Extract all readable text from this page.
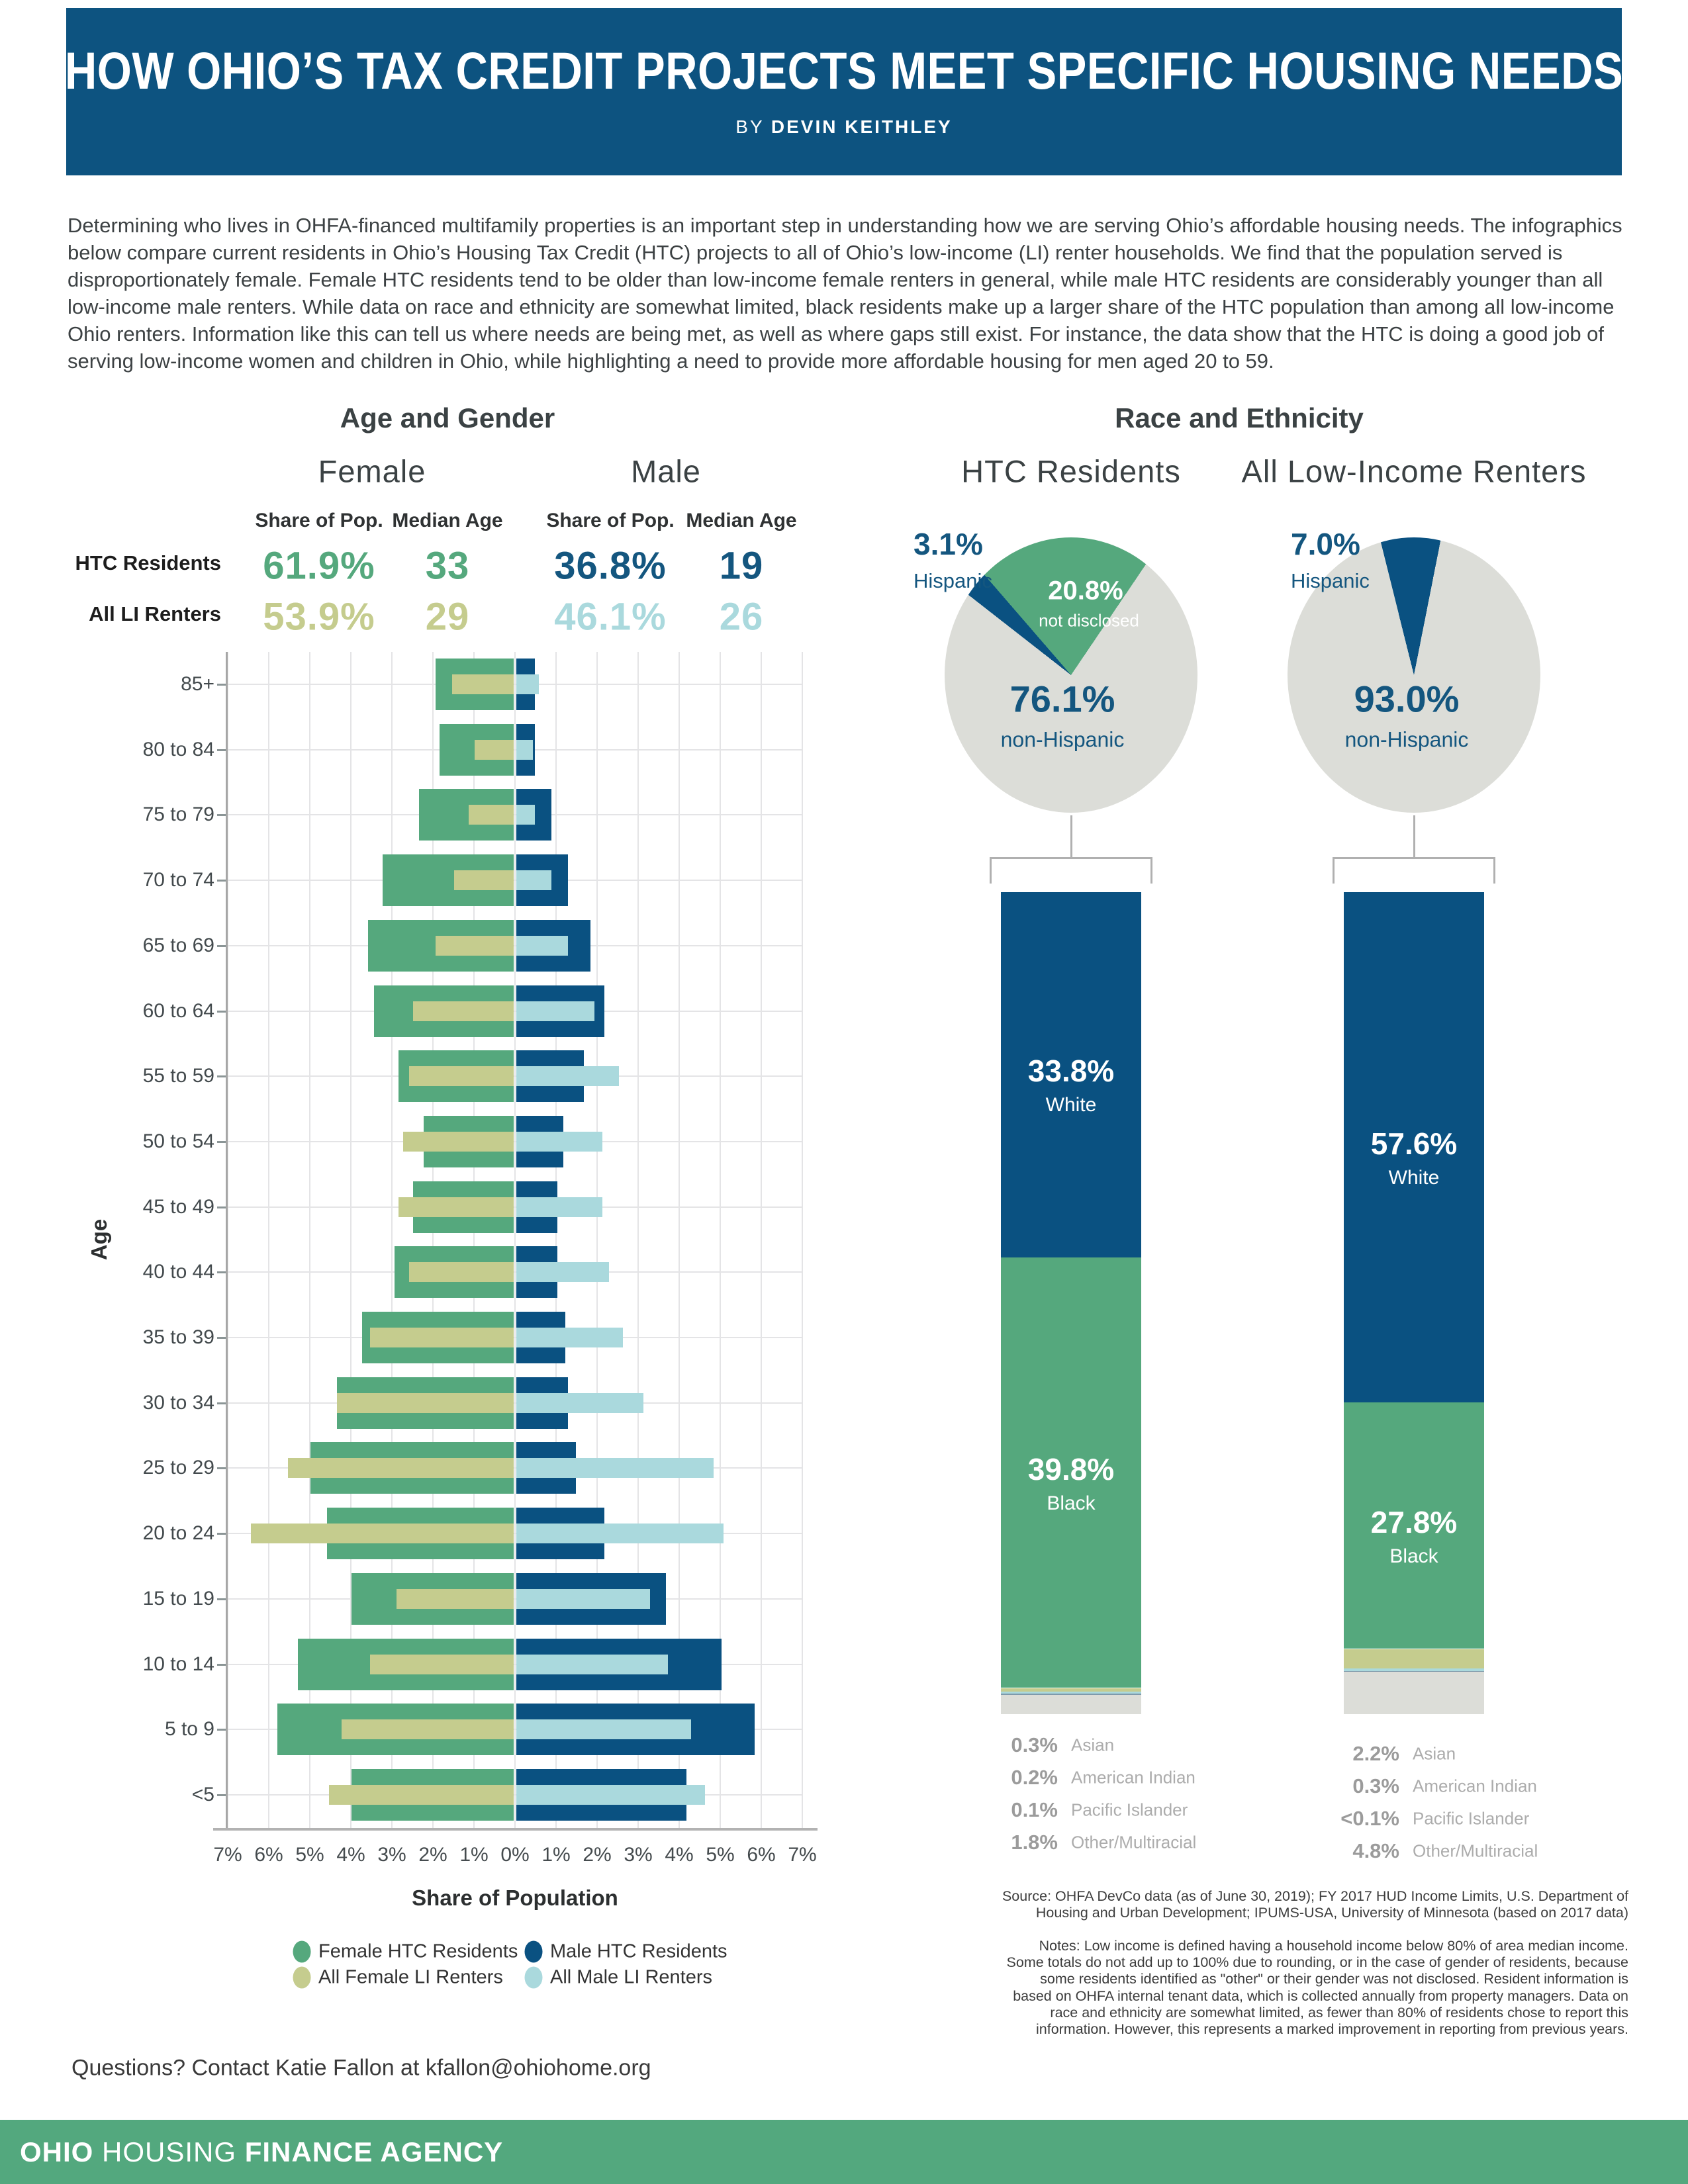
HOW OHIO’S TAX CREDIT PROJECTS MEET SPECIFIC HOUSING NEEDS
BY DEVIN KEITHLEY
Determining who lives in OHFA-financed multifamily properties is an important step in understanding how we are serving Ohio’s affordable housing needs. The infographics below compare current residents in Ohio’s Housing Tax Credit (HTC) projects to all of Ohio’s low-income (LI) renter households. We find that the population served is disproportionately female. Female HTC residents tend to be older than low-income female renters in general, while male HTC residents are considerably younger than all low-income male renters. While data on race and ethnicity are somewhat limited, black residents make up a larger share of the HTC population than among all low-income Ohio renters. Information like this can tell us where needs are being met, as well as where gaps still exist. For instance, the data show that the HTC is doing a good job of serving low-income women and children in Ohio, while highlighting a need to provide more affordable housing for men aged 20 to 59.
Age and Gender
Female	Male
Share of Pop. Median Age Share of Pop. Median Age
HTC Residents
All LI Renters
61.9% 33 36.8% 19
53.9% 29 46.1% 26
85+
80 to 84
75 to 79
70 to 74
65 to 69
60 to 64
55 to 59
50 to 54
45 to 49
40 to 44
35 to 39
30 to 34
25 to 29
20 to 24
15 to 19
10 to 14
5 to 9
<5
7% 6% 5% 4% 3% 2% 1% 0% 1% 2% 3% 4% 5% 6% 7%
Age
Share of Population
Female HTC Residents
All Female LI Renters
Male HTC Residents
All Male LI Renters
Race and Ethnicity
HTC Residents All Low-Income Renters
3.1%
Hispanic 20.8%
not disclosed
76.1%
non-Hispanic
7.0%
Hispanic
93.0%
non-Hispanic
0.3% Asian
0.2% American Indian
0.1% Pacific Islander
1.8% Other/Multiracial
2.2% Asian
0.3% American Indian
<0.1% Pacific Islander
4.8% Other/Multiracial
33.8%
White
39.8%
Black
57.6%
White
27.8%
Black
Source: OHFA DevCo data (as of June 30, 2019); FY 2017 HUD Income Limits, U.S. Department of
Housing and Urban Development; IPUMS-USA, University of Minnesota (based on 2017 data)
Notes: Low income is defined having a household income below 80% of area median income.
Some totals do not add up to 100% due to rounding, or in the case of gender of residents, because
some residents identified as "other" or their gender was not disclosed. Resident information is
based on OHFA internal tenant data, which is collected annually from property managers. Data on
race and ethnicity are somewhat limited, as fewer than 80% of residents chose to report this
information. However, this represents a marked improvement in reporting from previous years.
Questions? Contact Katie Fallon at kfallon@ohiohome.org
OHIO HOUSING FINANCE AGENCY
